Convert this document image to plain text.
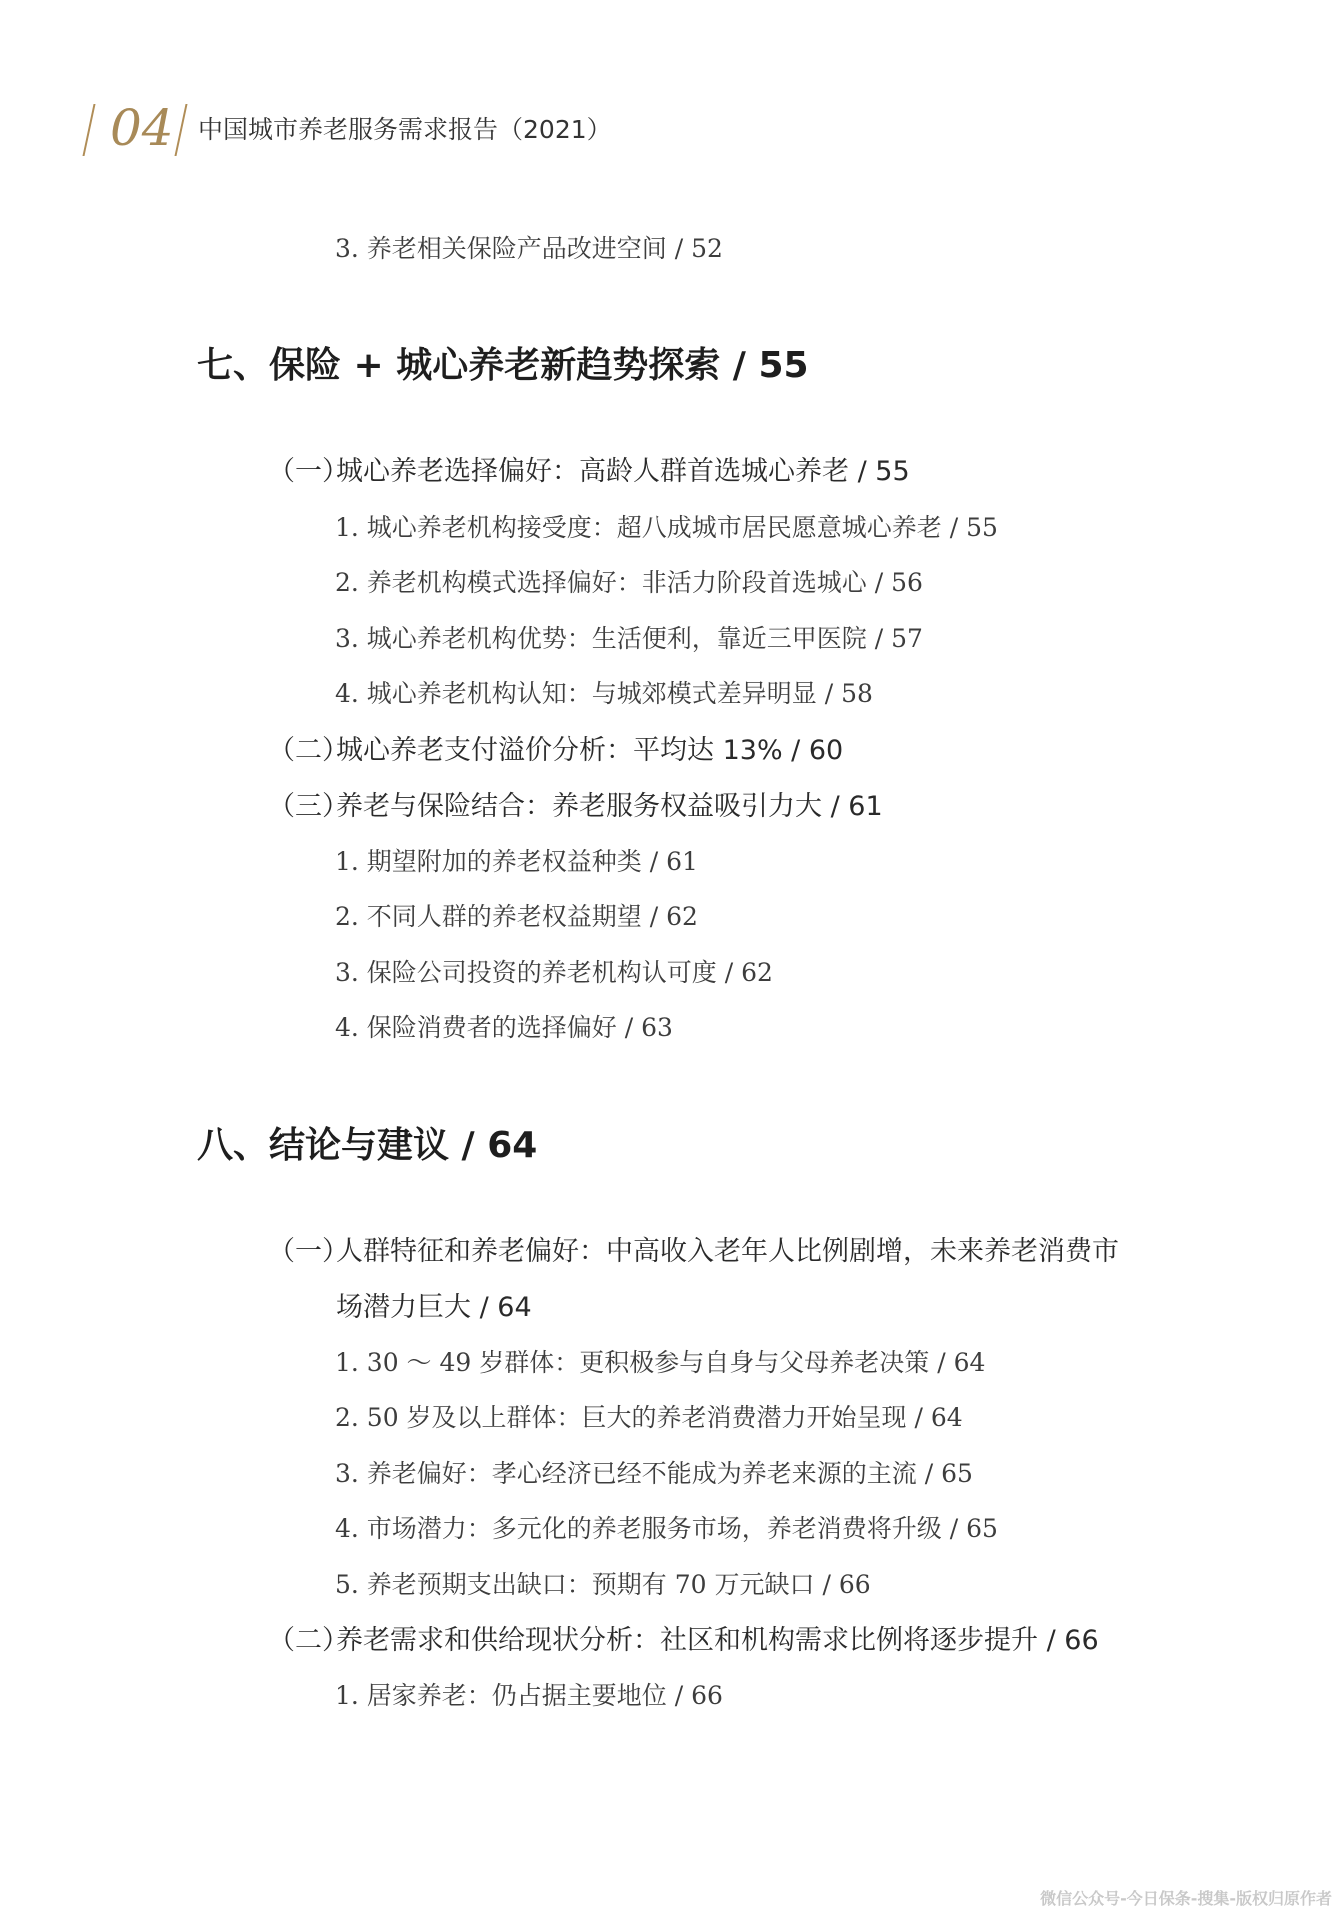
04 中国城市养老服务需求报告（2021）
3. 养老相关保险产品改进空间 / 52
七、保险 + 城心养老新趋势探索 / 55
（一）
城心养老选择偏好：高龄人群首选城心养老 / 55
1. 城心养老机构接受度：超八成城市居民愿意城心养老 / 55
2. 养老机构模式选择偏好：非活力阶段首选城心 / 56
3. 城心养老机构优势：生活便利，靠近三甲医院 / 57
4. 城心养老机构认知：与城郊模式差异明显 / 58
（二）
城心养老支付溢价分析：平均达 13% / 60
（三）
养老与保险结合：养老服务权益吸引力大 / 61
1. 期望附加的养老权益种类 / 61
2. 不同人群的养老权益期望 / 62
3. 保险公司投资的养老机构认可度 / 62
4. 保险消费者的选择偏好 / 63
八、结论与建议 / 64
（一）
人群特征和养老偏好：中高收入老年人比例剧增，未来养老消费市
场潜力巨大 / 64
1. 30 ～ 49 岁群体：更积极参与自身与父母养老决策 / 64
2. 50 岁及以上群体：巨大的养老消费潜力开始呈现 / 64
3. 养老偏好：孝心经济已经不能成为养老来源的主流 / 65
4. 市场潜力：多元化的养老服务市场，养老消费将升级 / 65
5. 养老预期支出缺口：预期有 70 万元缺口 / 66
（二）
养老需求和供给现状分析：社区和机构需求比例将逐步提升 / 66
1. 居家养老：仍占据主要地位 / 66
微信公众号-今日保条-搜集-版权归原作者
